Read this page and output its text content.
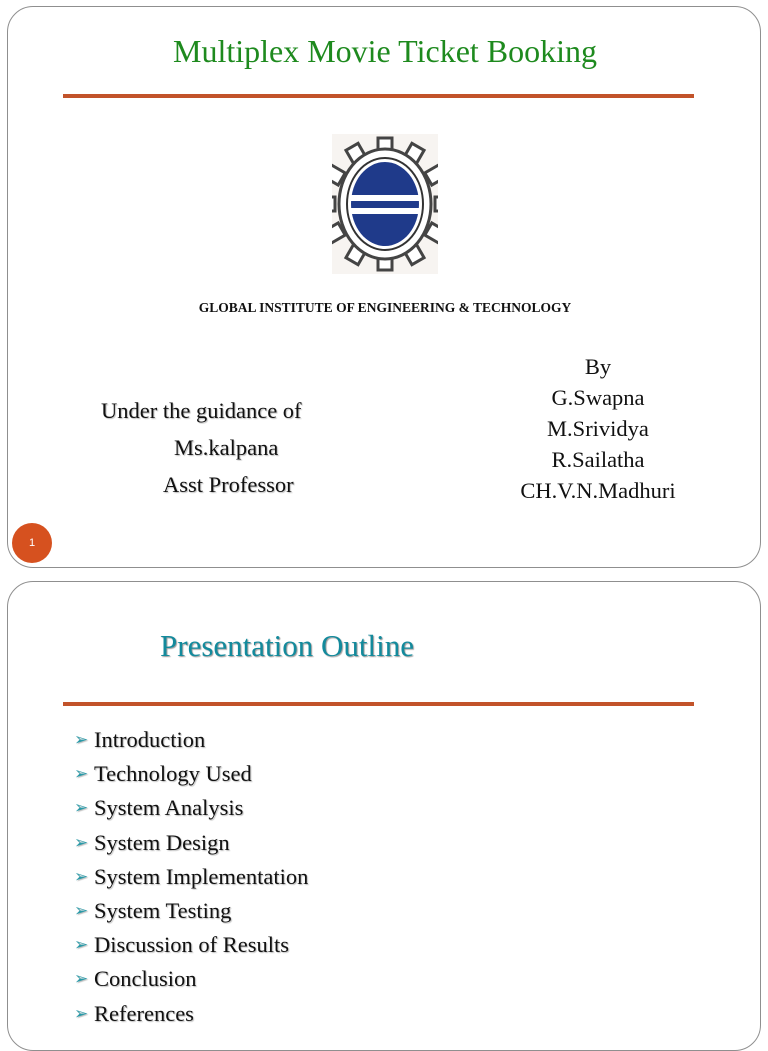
Multiplex Movie Ticket Booking
GLOBAL INSTITUTE OF ENGINEERING & TECHNOLOGY
Under the guidance of
Ms.kalpana
Asst Professor
By
G.Swapna
M.Srividya
R.Sailatha
CH.V.N.Madhuri
1
Presentation Outline
➢ Introduction
➢ Technology Used
➢ System Analysis
➢ System Design
➢ System Implementation
➢ System Testing
➢ Discussion of Results
➢ Conclusion
➢ References
